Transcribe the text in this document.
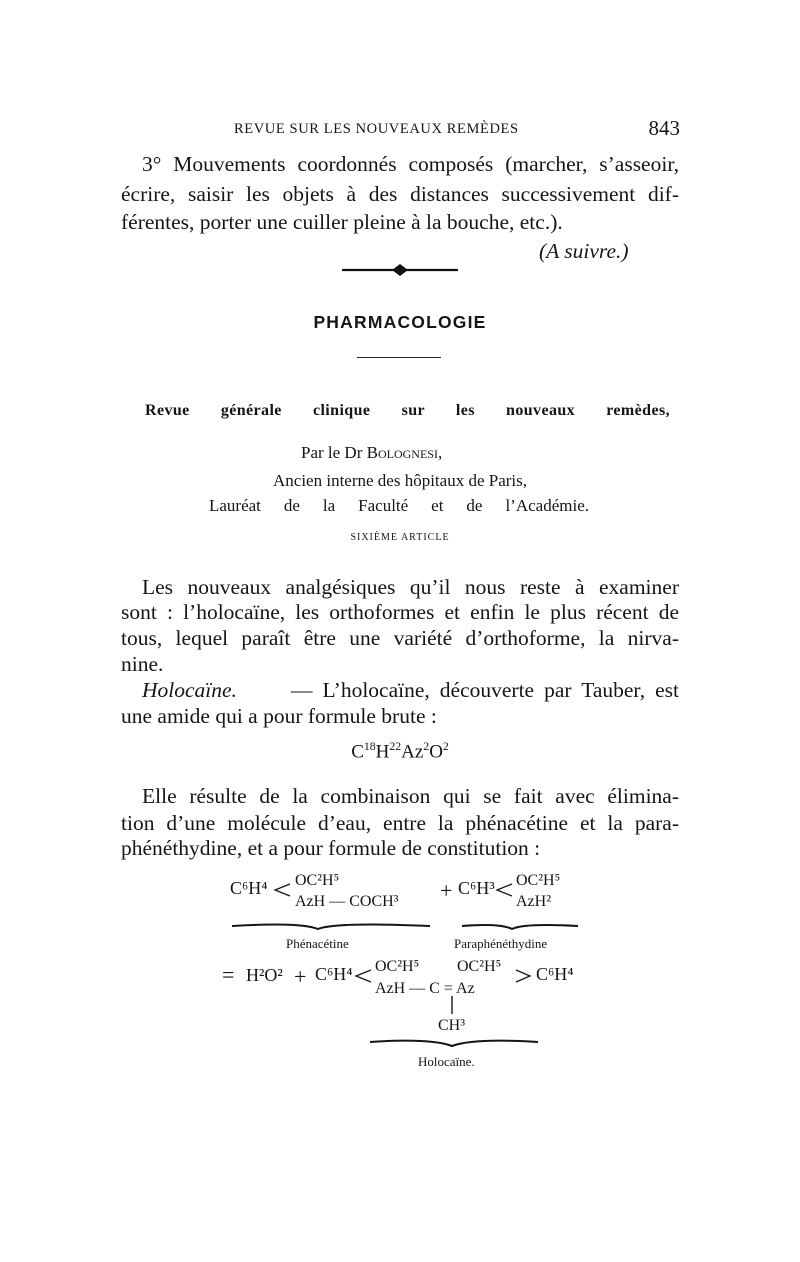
REVUE SUR LES NOUVEAUX REMÈDES	843
3° Mouvements coordonnés composés (marcher, s’asseoir,
écrire, saisir les objets à des distances successivement dif-
férentes, porter une cuiller pleine à la bouche, etc.).
(A suivre.)
PHARMACOLOGIE
Revue générale clinique sur les nouveaux remèdes,
Par le Dr Bolognesi,
Ancien interne des hôpitaux de Paris,
Lauréat de la Faculté et de l’Académie.
SIXIÈME ARTICLE
Les nouveaux analgésiques qu’il nous reste à examiner
sont : l’holocaïne, les orthoformes et enfin le plus récent de
tous, lequel paraît être une variété d’orthoforme, la nirva-
nine.
Holocaïne.	— L’holocaïne, découverte par Tauber, est
une amide qui a pour formule brute :
$C^{18}H^{22}Az^2O^2$
Elle résulte de la combinaison qui se fait avec élimina-
tion d’une molécule d’eau, entre la phénacétine et la para-
phénéthydine, et a pour formule de constitution :
C⁶H⁴ OC²H⁵
AzH — COCH³ + C⁶H³ OC²H⁵
AzH²
Phénacétine	Paraphénéthydine
= H²O² + C⁶H⁴ OC²H⁵ OC²H⁵
AzH — C = Az
C⁶H⁴
CH³
Holocaïne.
